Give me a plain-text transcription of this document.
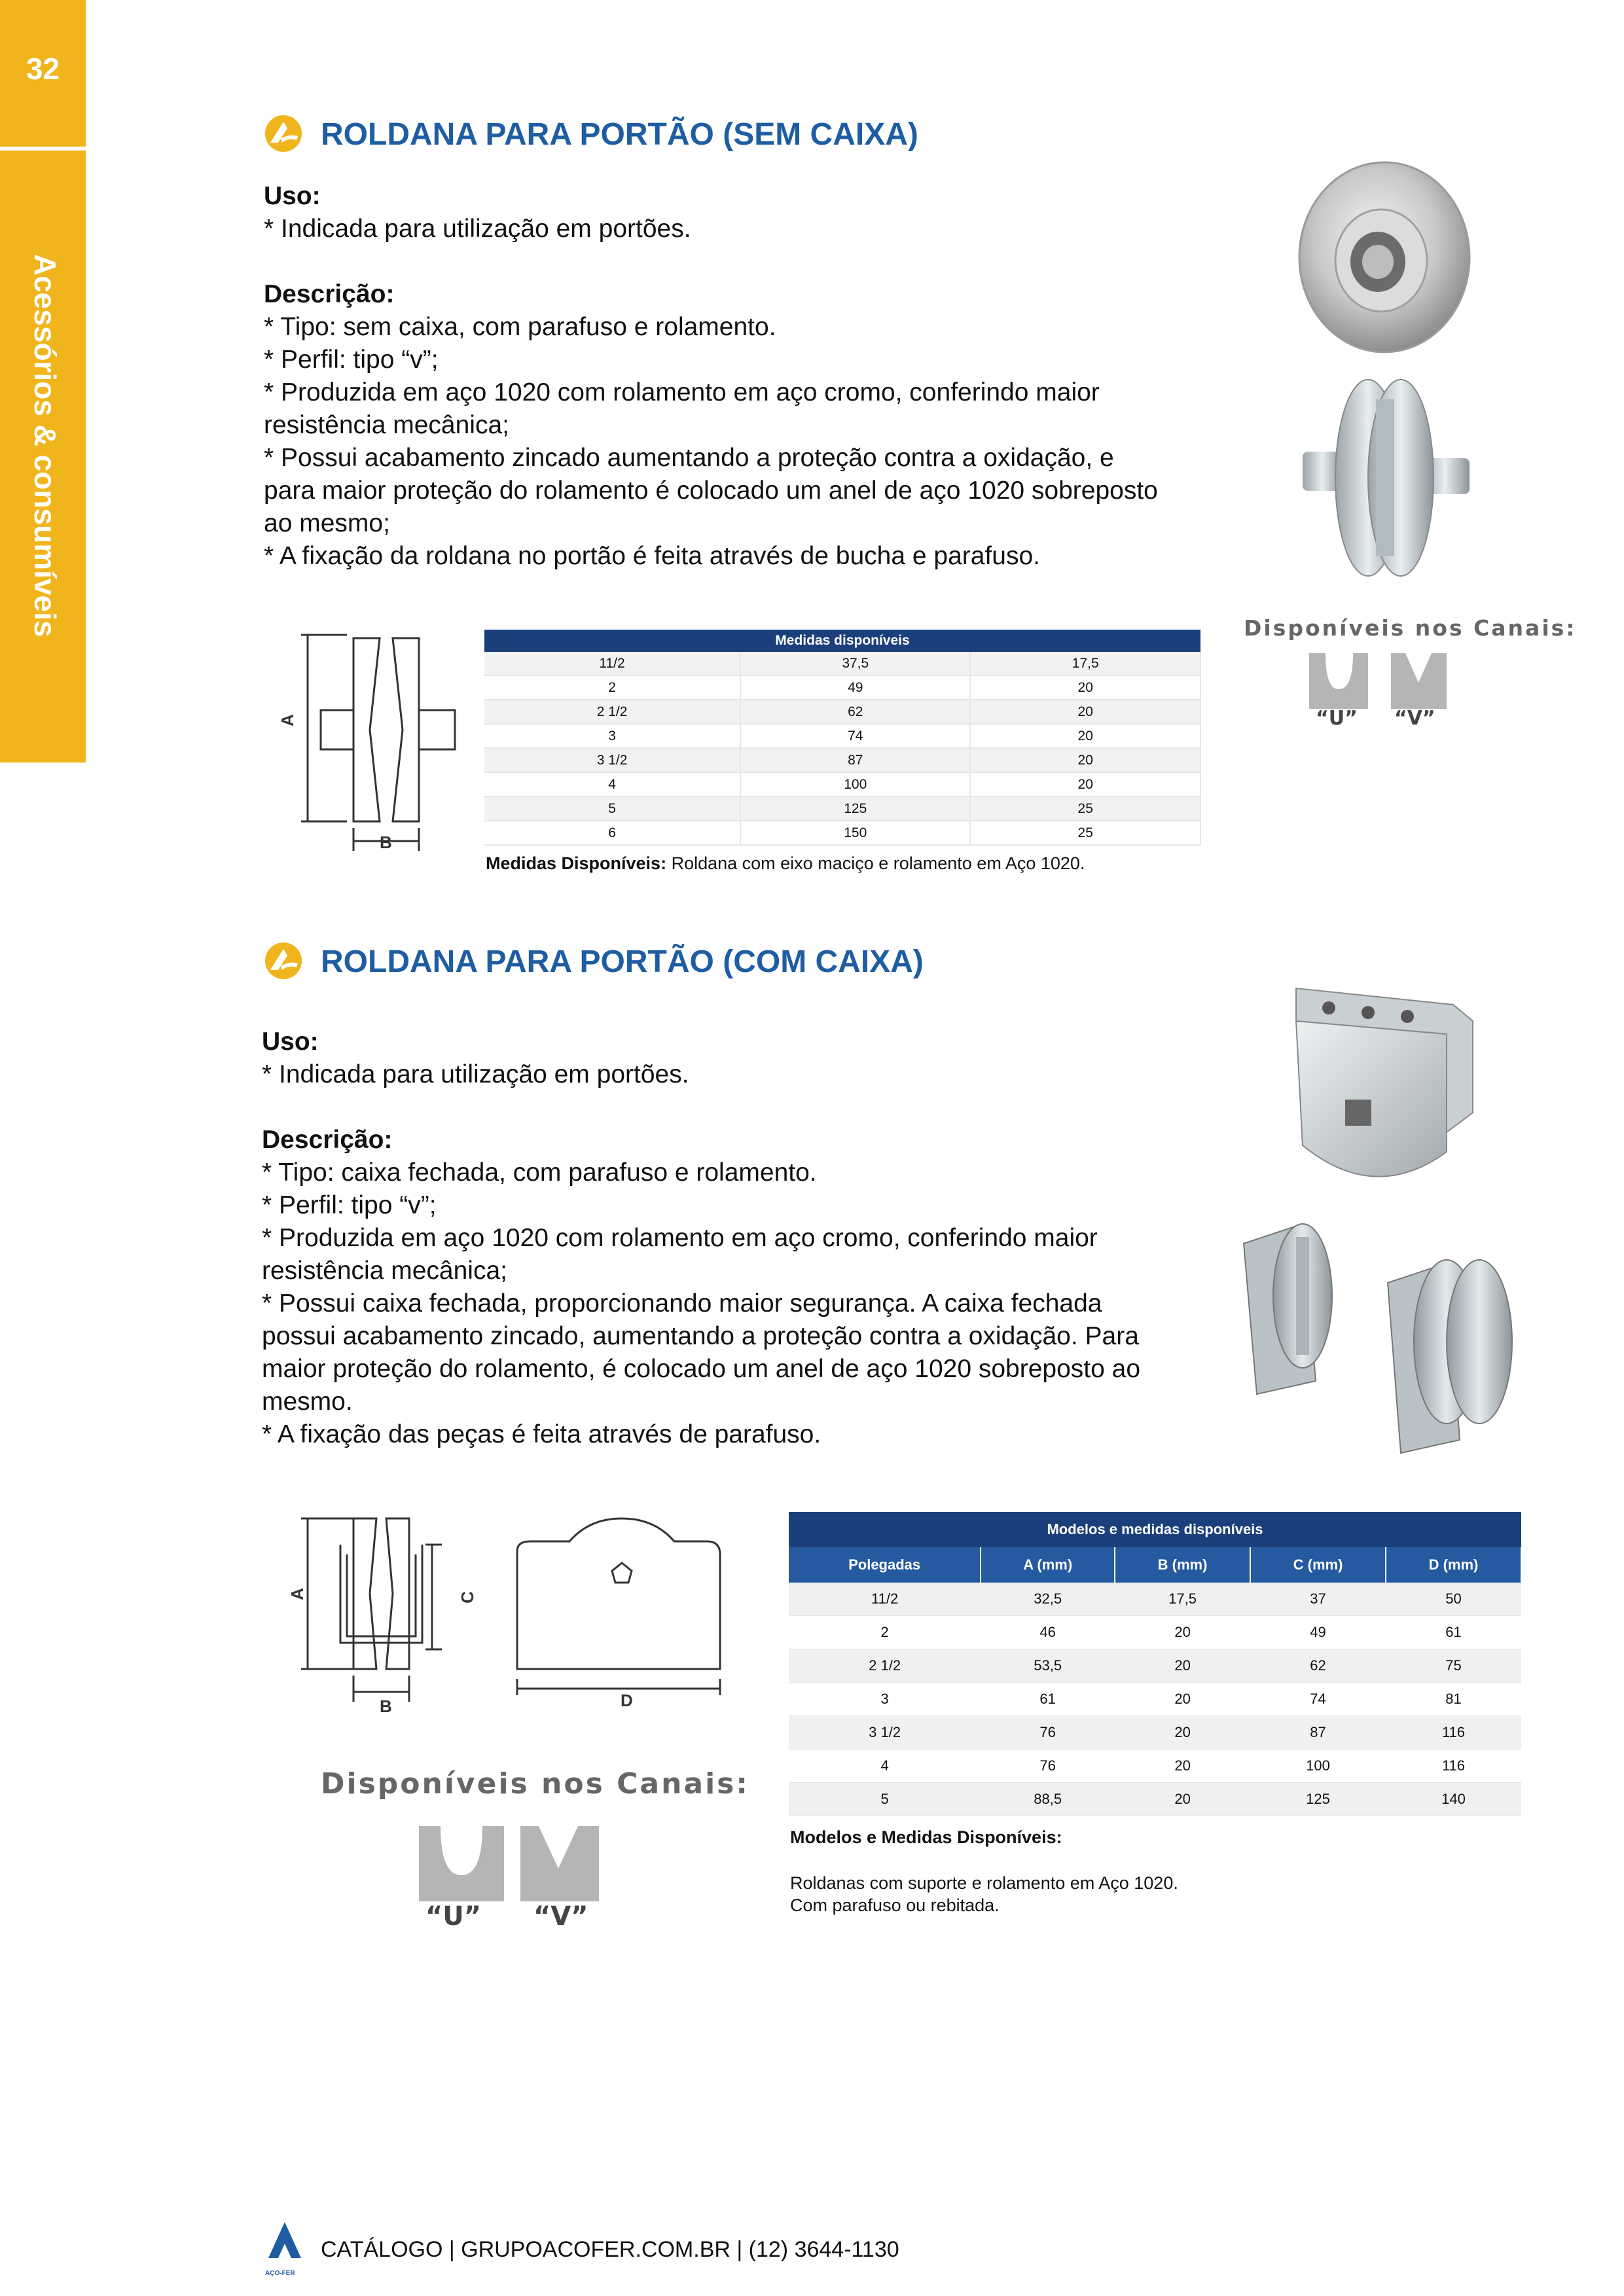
32
Acessórios & consumíveis
ROLDANA PARA PORTÃO (SEM CAIXA)
Uso:
* Indicada para utilização em portões.
Descrição:
* Tipo: sem caixa, com parafuso e rolamento.
* Perfil: tipo “v”;
* Produzida em aço 1020 com rolamento em aço cromo, conferindo maior
resistência mecânica;
* Possui acabamento zincado aumentando a proteção contra a oxidação, e
para maior proteção do rolamento é colocado um anel de aço 1020 sobreposto
ao mesmo;
* A fixação da roldana no portão é feita através de bucha e parafuso.
A
B
Medidas disponíveis		
11/2	37,5	17,5
2	49	20
2 1/2	62	20
3	74	20
3 1/2	87	20
4	100	20
5	125	25
6	150	25
Medidas Disponíveis: Roldana com eixo maciço e rolamento em Aço 1020.
Disponíveis nos Canais:
“U” “V”
ROLDANA PARA PORTÃO (COM CAIXA)
Uso:
* Indicada para utilização em portões.
Descrição:
* Tipo: caixa fechada, com parafuso e rolamento.
* Perfil: tipo “v”;
* Produzida em aço 1020 com rolamento em aço cromo, conferindo maior
resistência mecânica;
* Possui caixa fechada, proporcionando maior segurança. A caixa fechada
possui acabamento zincado, aumentando a proteção contra a oxidação. Para
maior proteção do rolamento, é colocado um anel de aço 1020 sobreposto ao
mesmo.
* A fixação das peças é feita através de parafuso.
A
B
C
D
Disponíveis nos Canais:
“U” “V”
Modelos e medidas disponíveis				
Polegadas	A (mm)	B (mm)	C (mm)	D (mm)
11/2	32,5	17,5	37	50
2	46	20	49	61
2 1/2	53,5	20	62	75
3	61	20	74	81
3 1/2	76	20	87	116
4	76	20	100	116
5	88,5	20	125	140
Modelos e Medidas Disponíveis:
Roldanas com suporte e rolamento em Aço 1020.
Com parafuso ou rebitada.
AÇO-FER
CATÁLOGO | GRUPOACOFER.COM.BR | (12) 3644-1130
